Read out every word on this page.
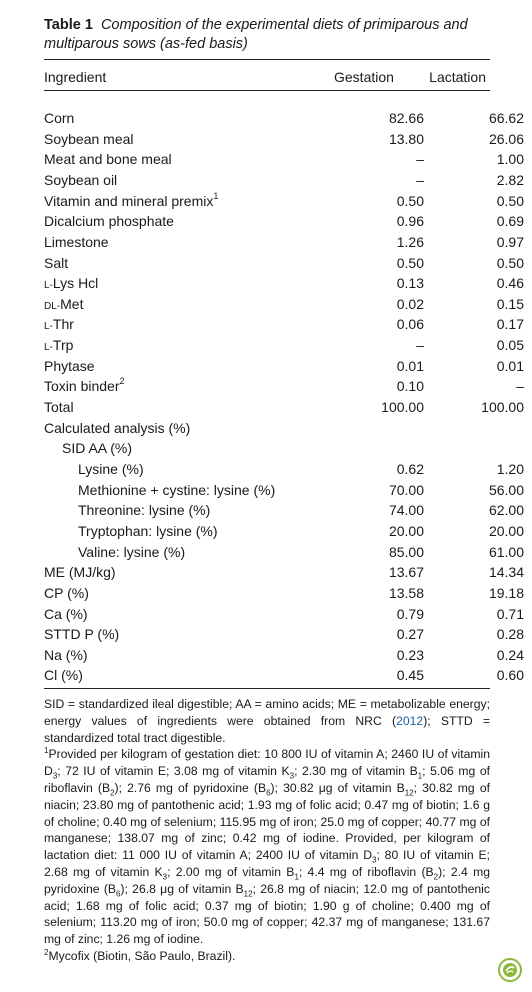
Table 1 Composition of the experimental diets of primiparous and multiparous sows (as-fed basis)
Ingredient	Gestation	Lactation
Corn	82.66	66.62
Soybean meal	13.80	26.06
Meat and bone meal	–	1.00
Soybean oil	–	2.82
Vitamin and mineral premix$^1$	0.50	0.50
Dicalcium phosphate	0.96	0.69
Limestone	1.26	0.97
Salt	0.50	0.50
L-Lys Hcl	0.13	0.46
DL-Met	0.02	0.15
L-Thr	0.06	0.17
L-Trp	–	0.05
Phytase	0.01	0.01
Toxin binder$^2$	0.10	–
Total	100.00	100.00
Calculated analysis (%)
SID AA (%)
Lysine (%)	0.62	1.20
Methionine + cystine: lysine (%)	70.00	56.00
Threonine: lysine (%)	74.00	62.00
Tryptophan: lysine (%)	20.00	20.00
Valine: lysine (%)	85.00	61.00
ME (MJ/kg)	13.67	14.34
CP (%)	13.58	19.18
Ca (%)	0.79	0.71
STTD P (%)	0.27	0.28
Na (%)	0.23	0.24
Cl (%)	0.45	0.60

SID = standardized ileal digestible; AA = amino acids; ME = metabolizable energy; energy values of ingredients were obtained from NRC (2012); STTD = standardized total tract digestible.

$^1$Provided per kilogram of gestation diet: 10 800 IU of vitamin A; 2460 IU of vitamin $D_3$; 72 IU of vitamin E; 3.08 mg of vitamin $K_3$; 2.30 mg of vitamin $B_1$; 5.06 mg of riboflavin $(B_2)$; 2.76 mg of pyridoxine $(B_6)$; 30.82 μg of vitamin $B_{12}$; 30.82 mg of niacin; 23.80 mg of pantothenic acid; 1.93 mg of folic acid; 0.47 mg of biotin; 1.6 g of choline; 0.40 mg of selenium; 115.95 mg of iron; 25.0 mg of copper; 40.77 mg of manganese; 138.07 mg of zinc; 0.42 mg of iodine. Provided, per kilogram of lactation diet: 11 000 IU of vitamin A; 2400 IU of vitamin $D_3$; 80 IU of vitamin E; 2.68 mg of vitamin $K_3$; 2.00 mg of vitamin $B_1$; 4.4 mg of riboflavin $(B_2)$; 2.4 mg pyridoxine $(B_6)$; 26.8 μg of vitamin $B_{12}$; 26.8 mg of niacin; 12.0 mg of pantothenic acid; 1.68 mg of folic acid; 0.37 mg of biotin; 1.90 g of choline; 0.400 mg of selenium; 113.20 mg of iron; 50.0 mg of copper; 42.37 mg of manganese; 131.67 mg of zinc; 1.26 mg of iodine.

$^2$Mycofix (Biotin, São Paulo, Brazil).
